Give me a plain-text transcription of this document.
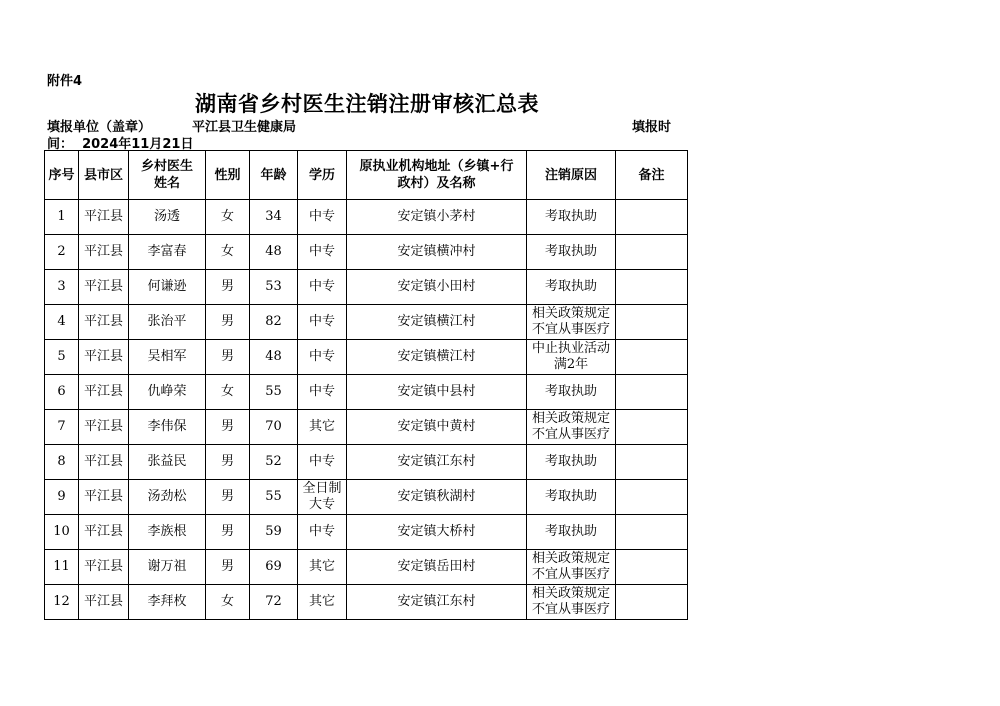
附件4
湖南省乡村医生注销注册审核汇总表
填报单位（盖章）	平江县卫生健康局	填报时
间： 2024年11月21日
序号	县市区	乡村医生
姓名	性别	年龄	学历	原执业机构地址（乡镇+行
政村）及名称	注销原因	备注
1	平江县	汤透	女	34	中专	安定镇小茅村	考取执助	
2	平江县	李富春	女	48	中专	安定镇横冲村	考取执助	
3	平江县	何谦逊	男	53	中专	安定镇小田村	考取执助	
4	平江县	张治平	男	82	中专	安定镇横江村	相关政策规定
不宜从事医疗	
5	平江县	吴相军	男	48	中专	安定镇横江村	中止执业活动
满2年	
6	平江县	仇峥荣	女	55	中专	安定镇中县村	考取执助	
7	平江县	李伟保	男	70	其它	安定镇中黄村	相关政策规定
不宜从事医疗	
8	平江县	张益民	男	52	中专	安定镇江东村	考取执助	
9	平江县	汤劲松	男	55	全日制
大专	安定镇秋湖村	考取执助	
10	平江县	李族根	男	59	中专	安定镇大桥村	考取执助	
11	平江县	谢万祖	男	69	其它	安定镇岳田村	相关政策规定
不宜从事医疗	
12	平江县	李拜枚	女	72	其它	安定镇江东村	相关政策规定
不宜从事医疗	
